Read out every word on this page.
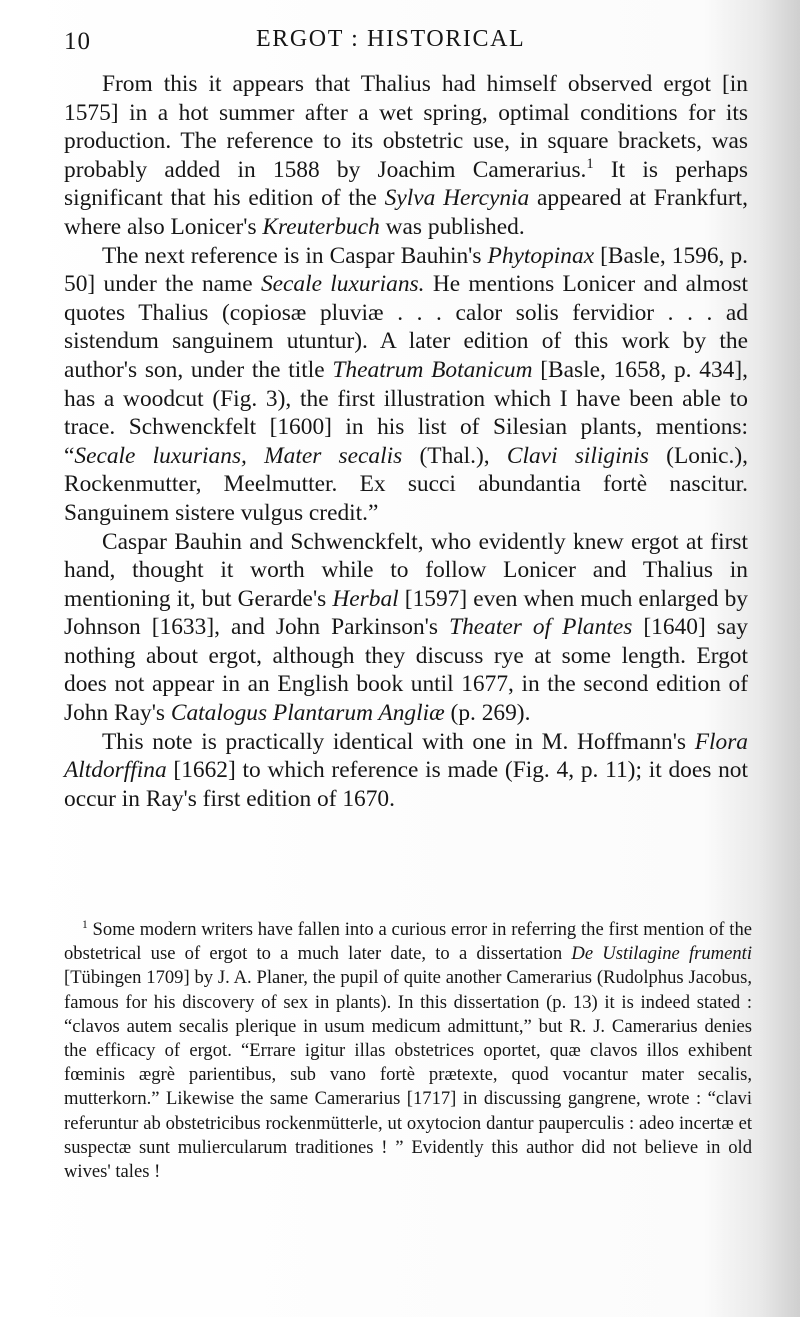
10	ERGOT : HISTORICAL

From this it appears that Thalius had himself observed ergot [in 1575] in a hot summer after a wet spring, optimal conditions for its production. The reference to its obstetric use, in square brackets, was probably added in 1588 by Joachim Camerarius.$^1$ It is perhaps significant that his edition of the Sylva Hercynia appeared at Frankfurt, where also Lonicer's Kreuterbuch was published.

The next reference is in Caspar Bauhin's Phytopinax [Basle, 1596, p. 50] under the name Secale luxurians. He mentions Lonicer and almost quotes Thalius (copiosæ pluviæ . . . calor solis fervidior . . . ad sistendum sanguinem utuntur). A later edition of this work by the author's son, under the title Theatrum Botanicum [Basle, 1658, p. 434], has a woodcut (Fig. 3), the first illustration which I have been able to trace. Schwenckfelt [1600] in his list of Silesian plants, mentions: “Secale luxurians, Mater secalis (Thal.), Clavi siliginis (Lonic.), Rockenmutter, Meelmutter. Ex succi abundantia fortè nascitur. Sanguinem sistere vulgus credit.”

Caspar Bauhin and Schwenckfelt, who evidently knew ergot at first hand, thought it worth while to follow Lonicer and Thalius in mentioning it, but Gerarde's Herbal [1597] even when much enlarged by Johnson [1633], and John Parkinson's Theater of Plantes [1640] say nothing about ergot, although they discuss rye at some length. Ergot does not appear in an English book until 1677, in the second edition of John Ray's Catalogus Plantarum Angliæ (p. 269).

This note is practically identical with one in M. Hoffmann's Flora Altdorffina [1662] to which reference is made (Fig. 4, p. 11); it does not occur in Ray's first edition of 1670.

$^1$ Some modern writers have fallen into a curious error in referring the first mention of the obstetrical use of ergot to a much later date, to a dissertation De Ustilagine frumenti [Tübingen 1709] by J. A. Planer, the pupil of quite another Camerarius (Rudolphus Jacobus, famous for his discovery of sex in plants). In this dissertation (p. 13) it is indeed stated : “clavos autem secalis plerique in usum medicum admittunt,” but R. J. Camerarius denies the efficacy of ergot. “Errare igitur illas obstetrices oportet, quæ clavos illos exhibent fœminis ægrè parientibus, sub vano fortè prætexte, quod vocantur mater secalis, mutterkorn.” Likewise the same Camerarius [1717] in discussing gangrene, wrote : “clavi referuntur ab obstetricibus rockenmütterle, ut oxytocion dantur pauperculis : adeo incertæ et suspectæ sunt muliercularum traditiones ! ” Evidently this author did not believe in old wives' tales !
